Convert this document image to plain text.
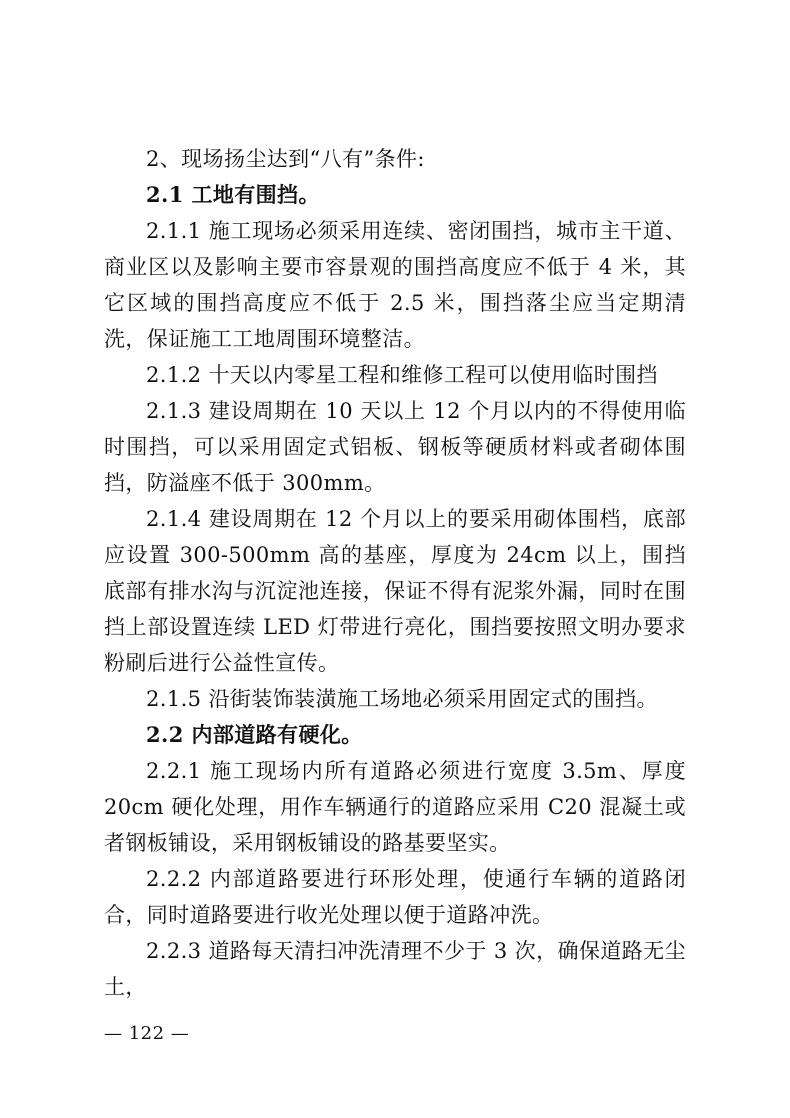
2、现场扬尘达到“八有”条件:

2.1 工地有围挡。

2.1.1 施工现场必须采用连续、密闭围挡，城市主干道、商业区以及影响主要市容景观的围挡高度应不低于 4 米，其它区域的围挡高度应不低于 2.5 米，围挡落尘应当定期清洗，保证施工工地周围环境整洁。

2.1.2 十天以内零星工程和维修工程可以使用临时围挡

2.1.3 建设周期在 10 天以上 12 个月以内的不得使用临时围挡，可以采用固定式铝板、钢板等硬质材料或者砌体围挡，防溢座不低于 300mm。

2.1.4 建设周期在 12 个月以上的要采用砌体围档，底部应设置 300-500mm 高的基座，厚度为 24cm 以上，围挡底部有排水沟与沉淀池连接，保证不得有泥浆外漏，同时在围挡上部设置连续 LED 灯带进行亮化，围挡要按照文明办要求粉刷后进行公益性宣传。

2.1.5 沿街装饰装潢施工场地必须采用固定式的围挡。

2.2 内部道路有硬化。

2.2.1 施工现场内所有道路必须进行宽度 3.5m、厚度 20cm 硬化处理，用作车辆通行的道路应采用 C20 混凝土或者钢板铺设，采用钢板铺设的路基要坚实。

2.2.2 内部道路要进行环形处理，使通行车辆的道路闭合，同时道路要进行收光处理以便于道路冲洗。

2.2.3 道路每天清扫冲洗清理不少于 3 次，确保道路无尘土，

— 122 —
